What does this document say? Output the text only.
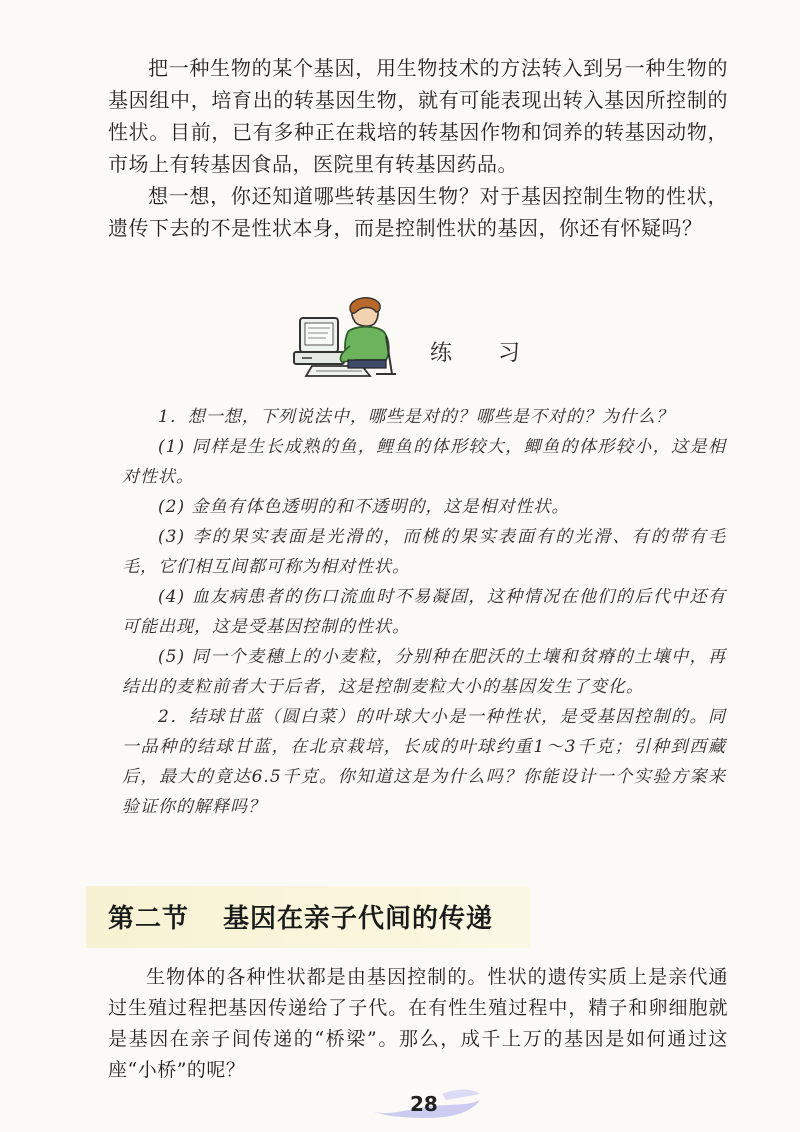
把一种生物的某个基因，用生物技术的方法转入到另一种生物的基因组中，培育出的转基因生物，就有可能表现出转入基因所控制的性状。目前，已有多种正在栽培的转基因作物和饲养的转基因动物，市场上有转基因食品，医院里有转基因药品。

想一想，你还知道哪些转基因生物？对于基因控制生物的性状，遗传下去的不是性状本身，而是控制性状的基因，你还有怀疑吗？

练习

1．想一想，下列说法中，哪些是对的？哪些是不对的？为什么？

(1) 同样是生长成熟的鱼，鲤鱼的体形较大，鲫鱼的体形较小，这是相对性状。

(2) 金鱼有体色透明的和不透明的，这是相对性状。

(3) 李的果实表面是光滑的，而桃的果实表面有的光滑、有的带有毛毛，它们相互间都可称为相对性状。

(4) 血友病患者的伤口流血时不易凝固，这种情况在他们的后代中还有可能出现，这是受基因控制的性状。

(5) 同一个麦穗上的小麦粒，分别种在肥沃的土壤和贫瘠的土壤中，再结出的麦粒前者大于后者，这是控制麦粒大小的基因发生了变化。

2．结球甘蓝（圆白菜）的叶球大小是一种性状，是受基因控制的。同一品种的结球甘蓝，在北京栽培，长成的叶球约重1～3千克；引种到西藏后，最大的竟达6.5千克。你知道这是为什么吗？你能设计一个实验方案来验证你的解释吗？

第二节 基因在亲子代间的传递

生物体的各种性状都是由基因控制的。性状的遗传实质上是亲代通过生殖过程把基因传递给了子代。在有性生殖过程中，精子和卵细胞就是基因在亲子间传递的“桥梁”。那么，成千上万的基因是如何通过这座“小桥”的呢？

28
